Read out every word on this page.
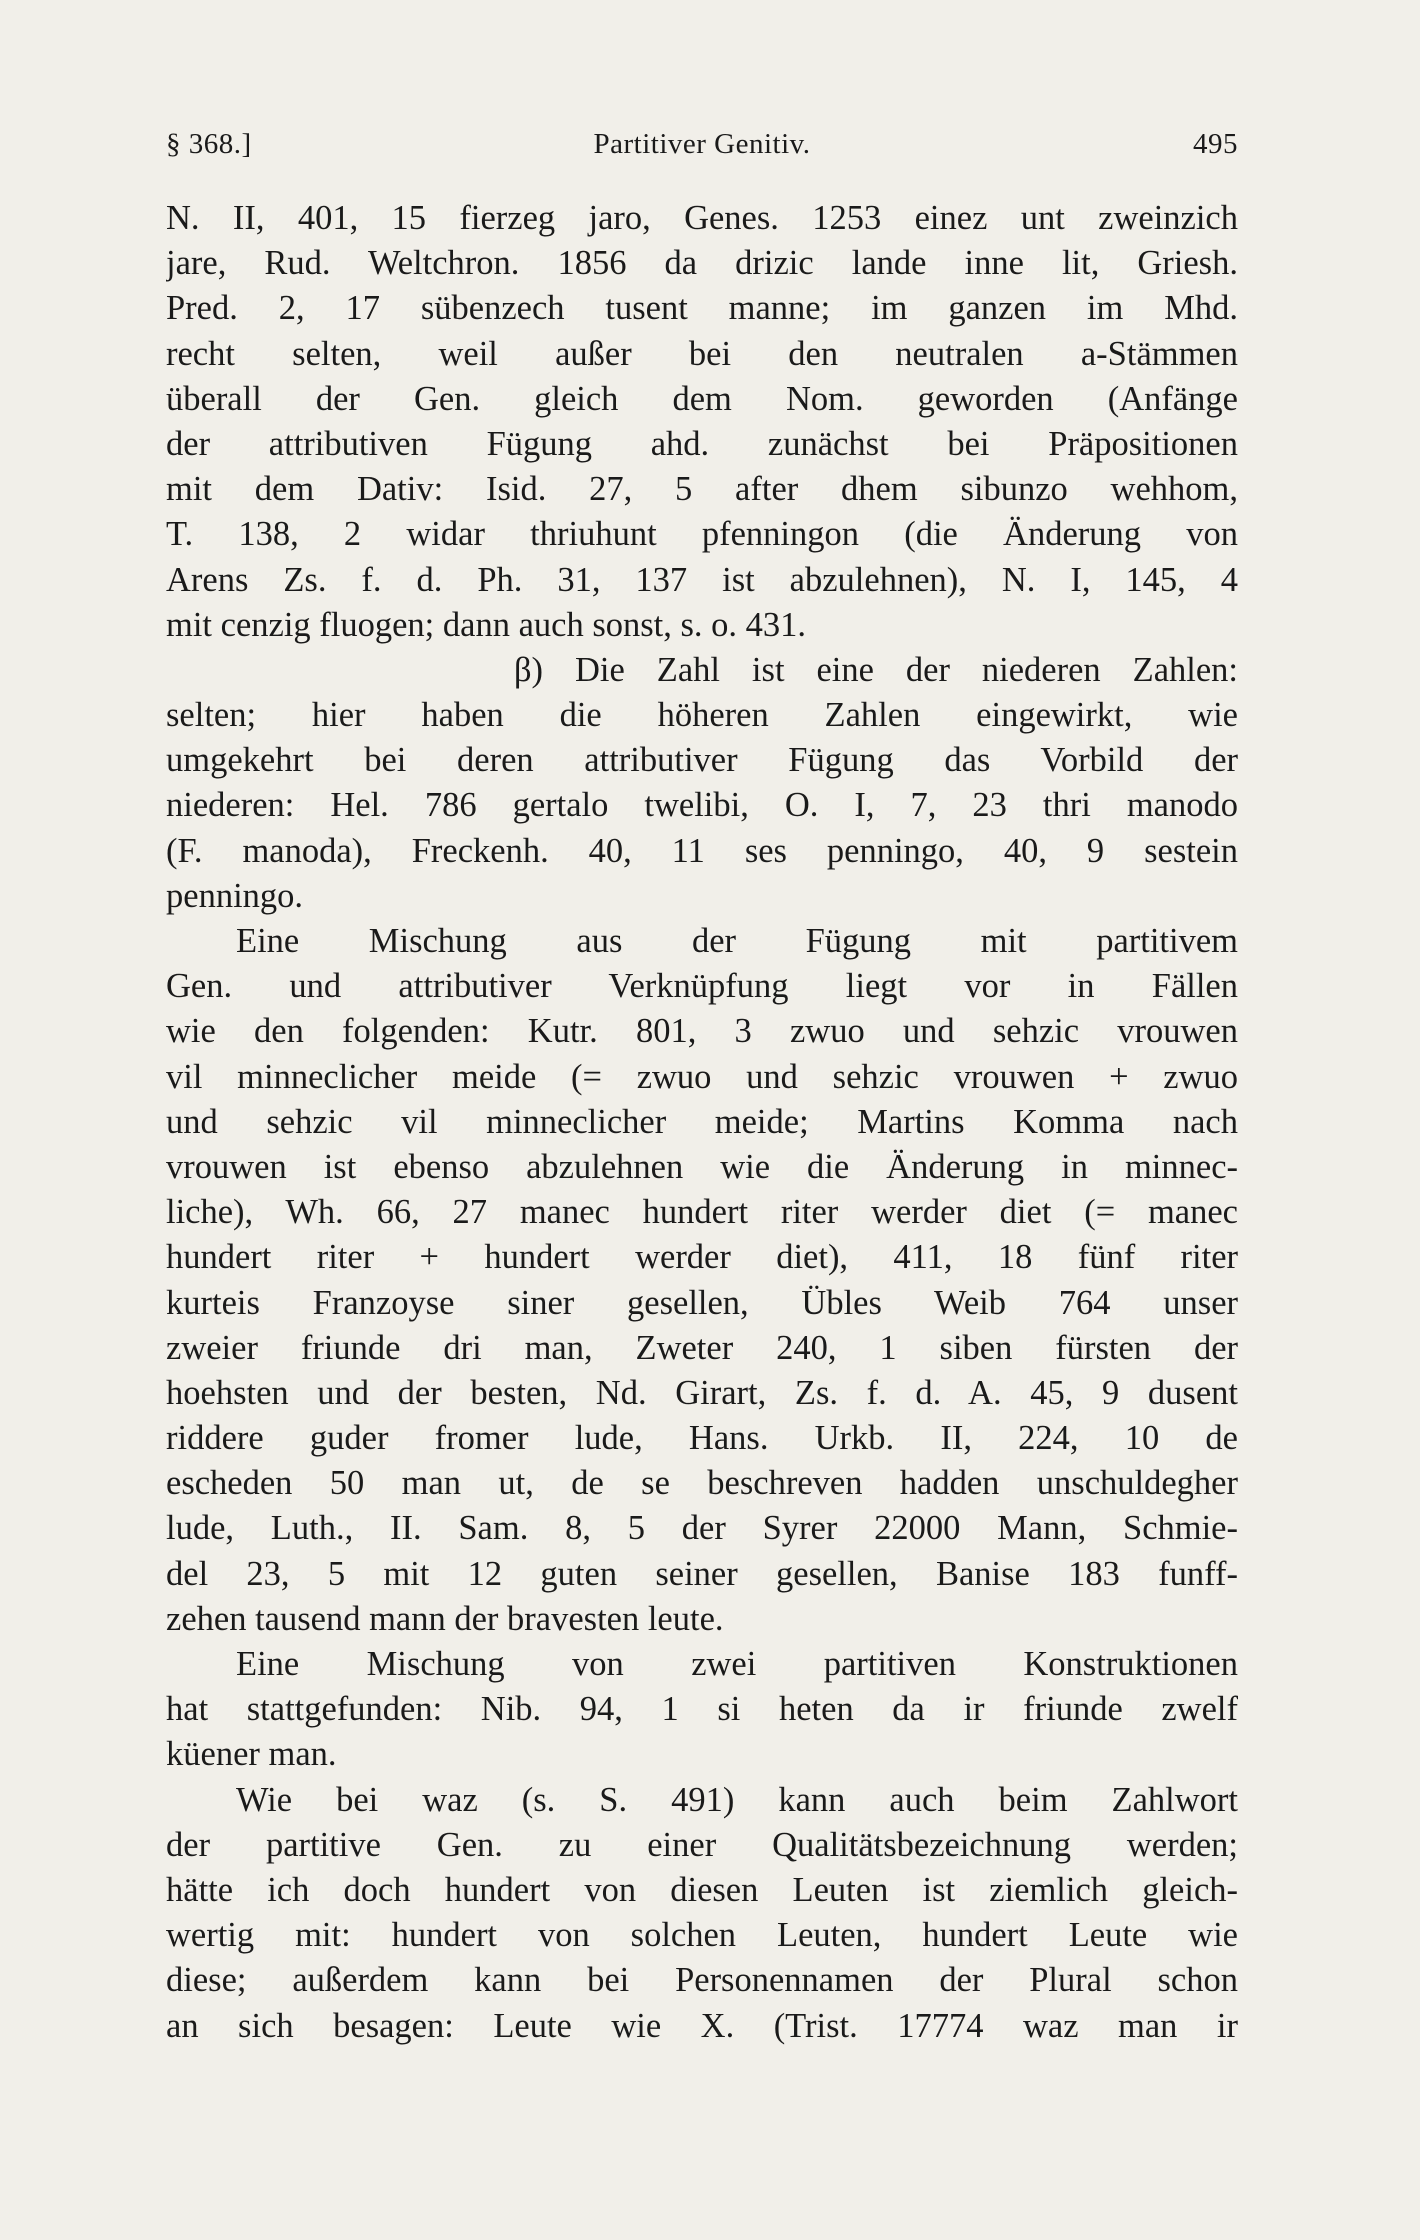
§ 368.]	Partitiver Genitiv.	495
N. II, 401, 15 fierzeg jaro, Genes. 1253 einez unt zweinzich
jare, Rud. Weltchron. 1856 da drizic lande inne lit, Griesh.
Pred. 2, 17 sübenzech tusent manne; im ganzen im Mhd.
recht selten, weil außer bei den neutralen a-Stämmen
überall der Gen. gleich dem Nom. geworden (Anfänge
der attributiven Fügung ahd. zunächst bei Präpositionen
mit dem Dativ: Isid. 27, 5 after dhem sibunzo wehhom,
T. 138, 2 widar thriuhunt pfenningon (die Änderung von
Arens Zs. f. d. Ph. 31, 137 ist abzulehnen), N. I, 145, 4
mit cenzig fluogen; dann auch sonst, s. o. 431.
β) Die Zahl ist eine der niederen Zahlen:
selten; hier haben die höheren Zahlen eingewirkt, wie
umgekehrt bei deren attributiver Fügung das Vorbild der
niederen: Hel. 786 gertalo twelibi, O. I, 7, 23 thri manodo
(F. manoda), Freckenh. 40, 11 ses penningo, 40, 9 sestein
penningo.
Eine Mischung aus der Fügung mit partitivem
Gen. und attributiver Verknüpfung liegt vor in Fällen
wie den folgenden: Kutr. 801, 3 zwuo und sehzic vrouwen
vil minneclicher meide (= zwuo und sehzic vrouwen + zwuo
und sehzic vil minneclicher meide; Martins Komma nach
vrouwen ist ebenso abzulehnen wie die Änderung in minnec-
liche), Wh. 66, 27 manec hundert riter werder diet (= manec
hundert riter + hundert werder diet), 411, 18 fünf riter
kurteis Franzoyse siner gesellen, Übles Weib 764 unser
zweier friunde dri man, Zweter 240, 1 siben fürsten der
hoehsten und der besten, Nd. Girart, Zs. f. d. A. 45, 9 dusent
riddere guder fromer lude, Hans. Urkb. II, 224, 10 de
escheden 50 man ut, de se beschreven hadden unschuldegher
lude, Luth., II. Sam. 8, 5 der Syrer 22000 Mann, Schmie-
del 23, 5 mit 12 guten seiner gesellen, Banise 183 funff-
zehen tausend mann der bravesten leute.
Eine Mischung von zwei partitiven Konstruktionen
hat stattgefunden: Nib. 94, 1 si heten da ir friunde zwelf
küener man.
Wie bei waz (s. S. 491) kann auch beim Zahlwort
der partitive Gen. zu einer Qualitätsbezeichnung werden;
hätte ich doch hundert von diesen Leuten ist ziemlich gleich-
wertig mit: hundert von solchen Leuten, hundert Leute wie
diese; außerdem kann bei Personennamen der Plural schon
an sich besagen: Leute wie X. (Trist. 17774 waz man ir
